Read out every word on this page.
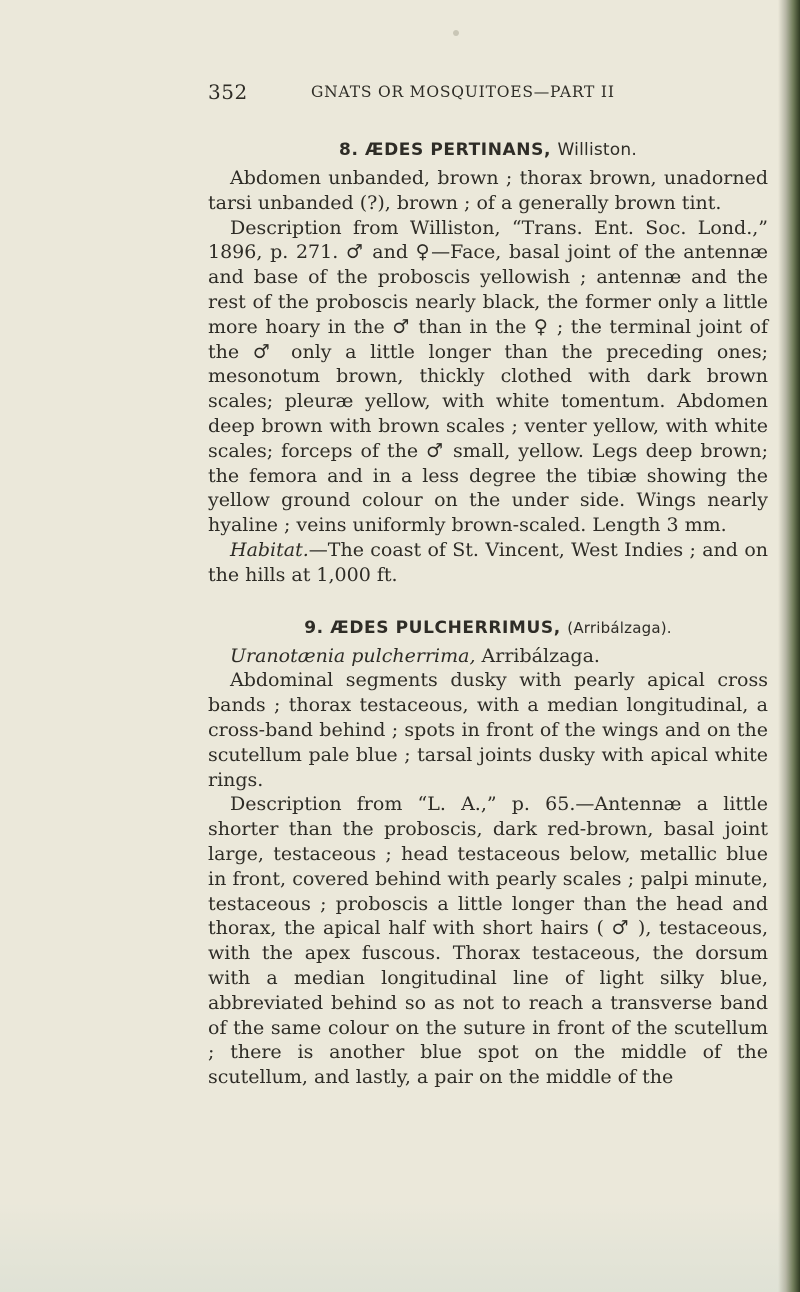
352	GNATS OR MOSQUITOES—PART II
8. ÆDES PERTINANS, Williston.

Abdomen unbanded, brown ; thorax brown, unadorned tarsi unbanded (?), brown ; of a generally brown tint.

Description from Williston, “Trans. Ent. Soc. Lond.,” 1896, p. 271. ♂ and ♀—Face, basal joint of the antennæ and base of the proboscis yellowish ; antennæ and the rest of the proboscis nearly black, the former only a little more hoary in the ♂ than in the ♀ ; the terminal joint of the ♂ only a little longer than the preceding ones; mesonotum brown, thickly clothed with dark brown scales; pleuræ yellow, with white tomentum. Abdomen deep brown with brown scales ; venter yellow, with white scales; forceps of the ♂ small, yellow. Legs deep brown; the femora and in a less degree the tibiæ showing the yellow ground colour on the under side. Wings nearly hyaline ; veins uniformly brown-scaled. Length 3 mm.

Habitat.—The coast of St. Vincent, West Indies ; and on the hills at 1,000 ft.

9. ÆDES PULCHERRIMUS, (Arribálzaga).

Uranotænia pulcherrima, Arribálzaga.

Abdominal segments dusky with pearly apical cross bands ; thorax testaceous, with a median longitudinal, a cross-band behind ; spots in front of the wings and on the scutellum pale blue ; tarsal joints dusky with apical white rings.

Description from “L. A.,” p. 65.—Antennæ a little shorter than the proboscis, dark red-brown, basal joint large, testaceous ; head testaceous below, metallic blue in front, covered behind with pearly scales ; palpi minute, testaceous ; proboscis a little longer than the head and thorax, the apical half with short hairs ( ♂ ), testaceous, with the apex fuscous. Thorax testaceous, the dorsum with a median longitudinal line of light silky blue, abbreviated behind so as not to reach a transverse band of the same colour on the suture in front of the scutellum ; there is another blue spot on the middle of the scutellum, and lastly, a pair on the middle of the
